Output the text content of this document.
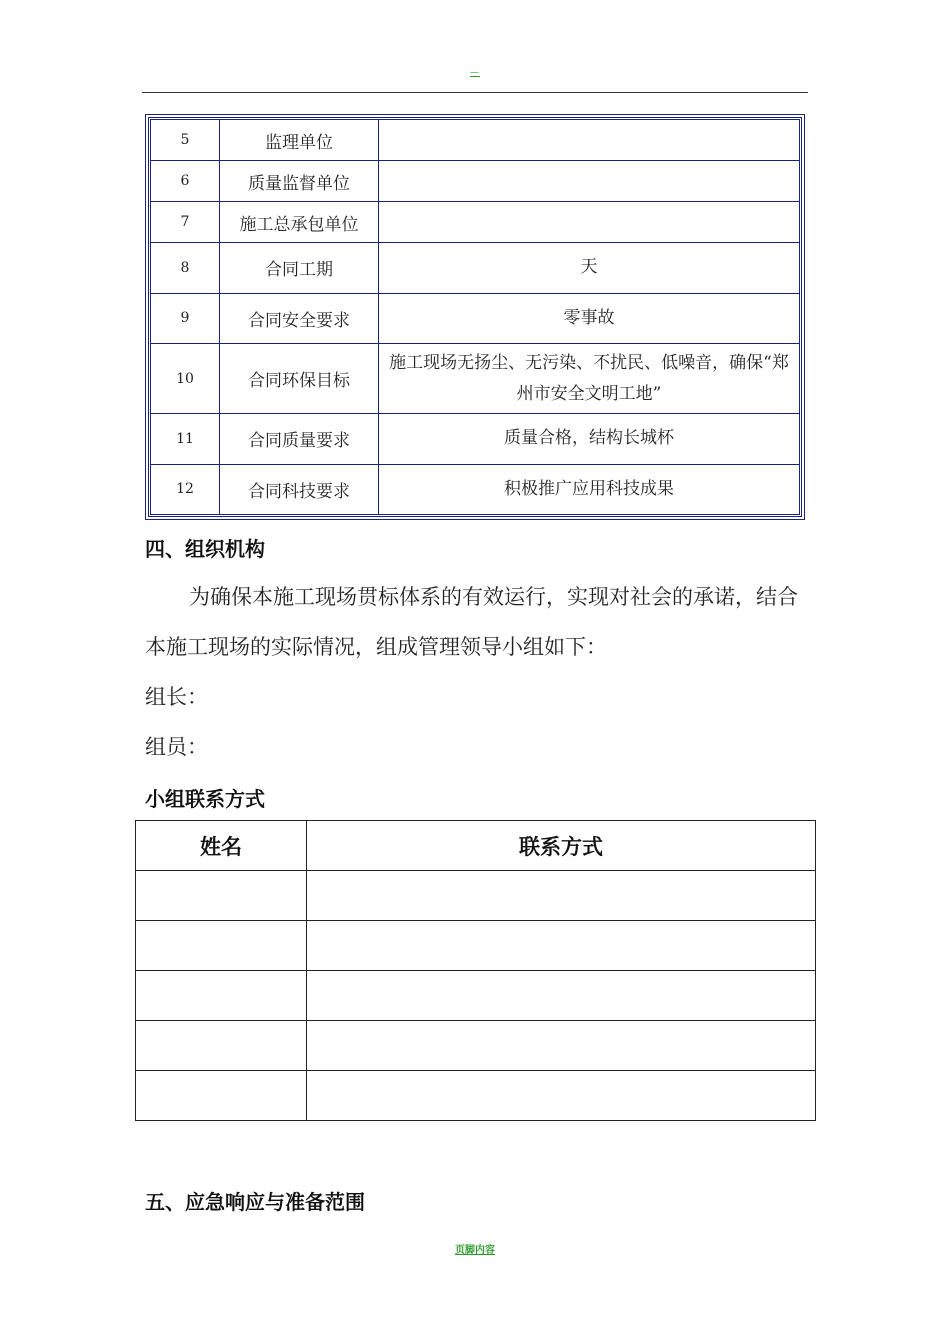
—
5	监理单位	
6	质量监督单位	
7	施工总承包单位	
8	合同工期	天
9	合同安全要求	零事故
10	合同环保目标	施工现场无扬尘、无污染、不扰民、低噪音，确保“郑州市安全文明工地”
11	合同质量要求	质量合格，结构长城杯
12	合同科技要求	积极推广应用科技成果
四、组织机构
为确保本施工现场贯标体系的有效运行，实现对社会的承诺，结合本施工现场的实际情况，组成管理领导小组如下：
组长：
组员：
小组联系方式
姓名	联系方式

五、应急响应与准备范围
页脚内容
